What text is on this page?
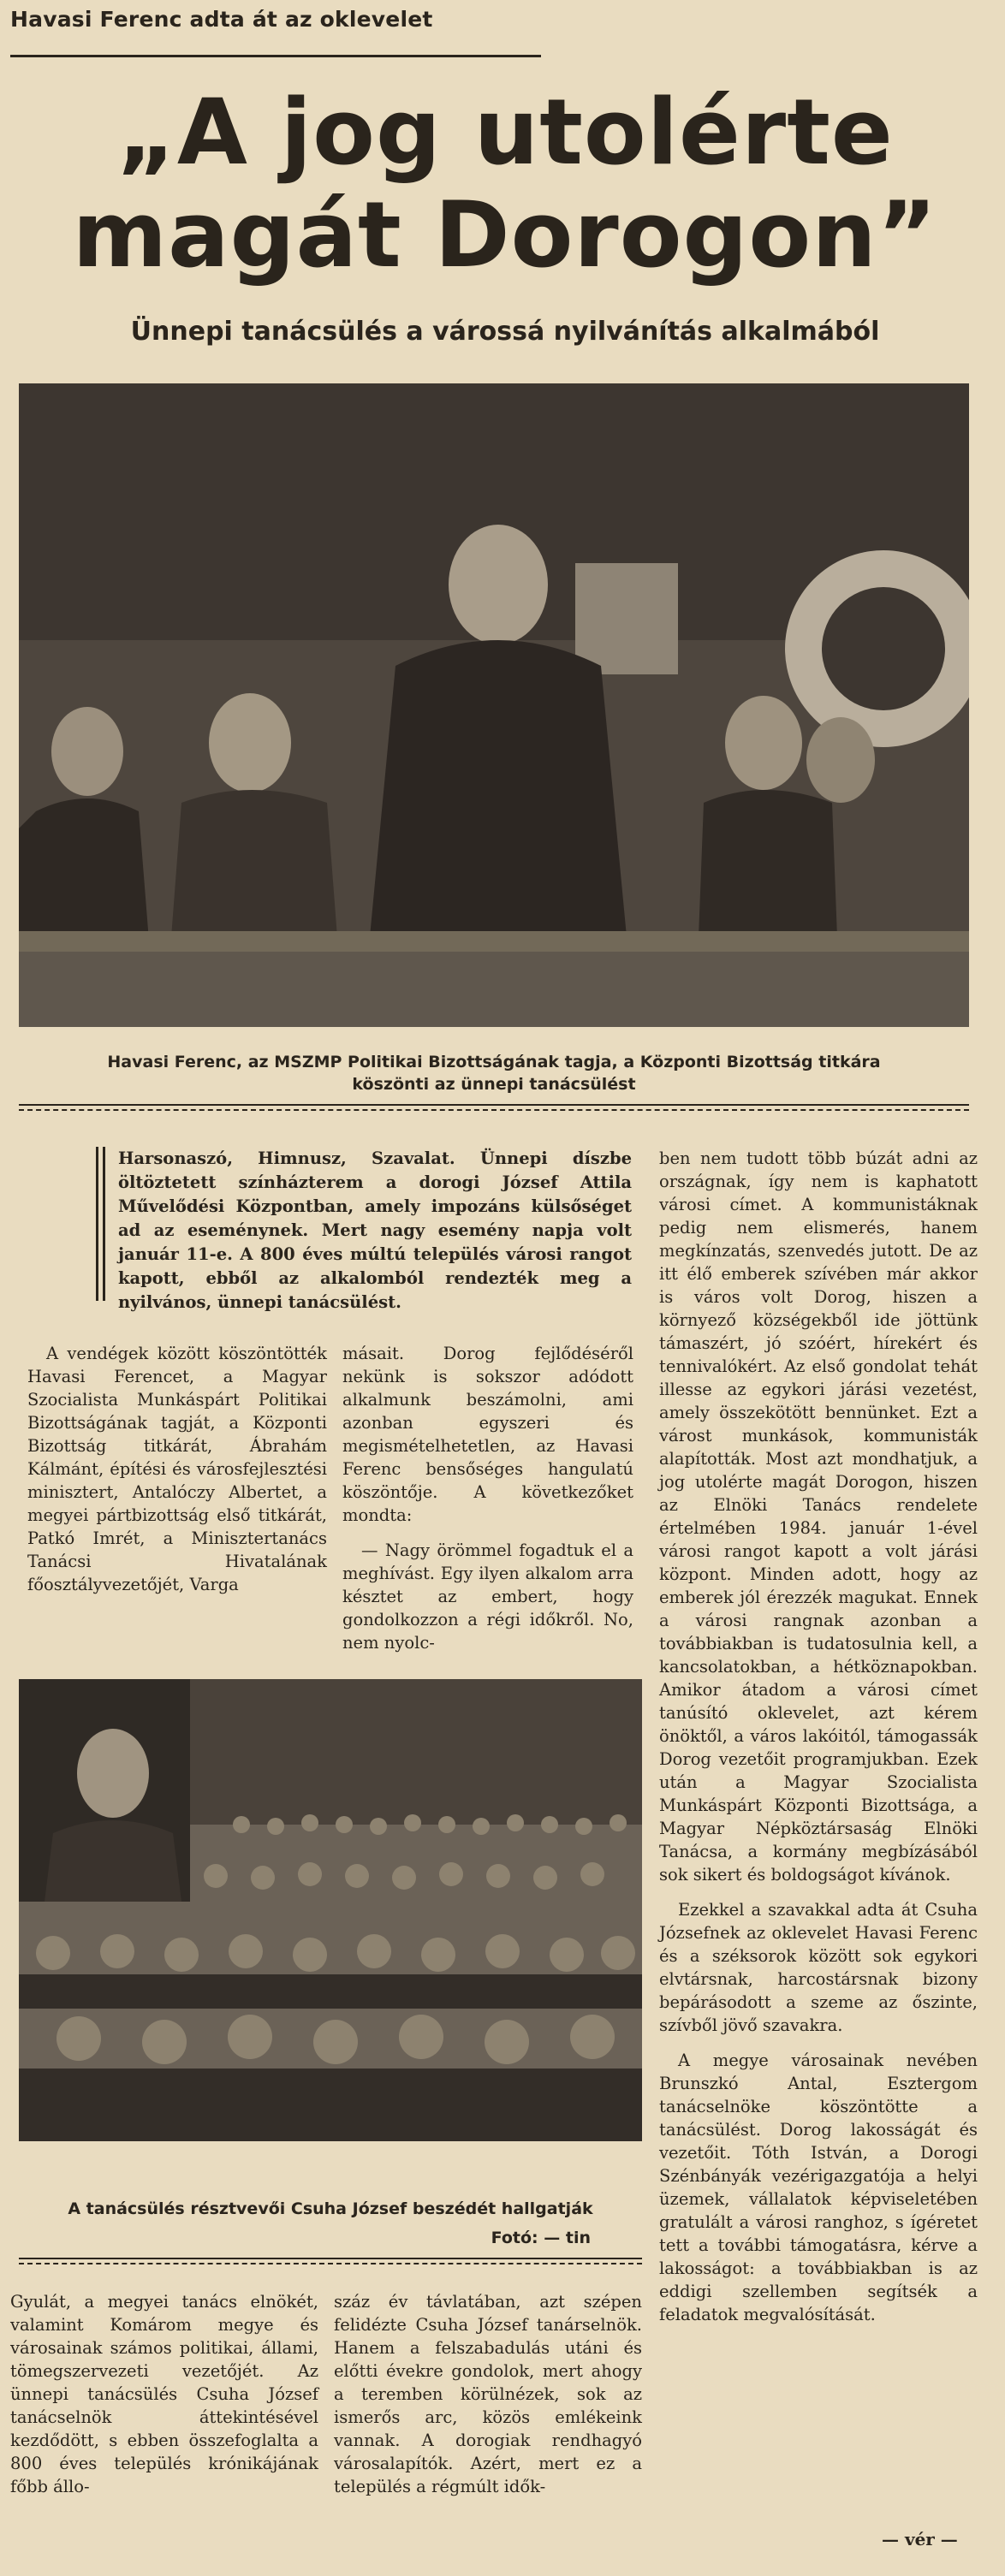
Havasi Ferenc adta át az oklevelet
„A jog utolérte
magát Dorogon”
Ünnepi tanácsülés a várossá nyilvánítás alkalmából
Havasi Ferenc, az MSZMP Politikai Bizottságának tagja, a Központi Bizottság titkára
köszönti az ünnepi tanácsülést
Harsonaszó, Himnusz, Szavalat. Ünnepi díszbe öltöztetett színházterem a dorogi József Attila Művelődési Központban, amely impozáns külsőséget ad az eseménynek. Mert nagy esemény napja volt január 11-e. A 800 éves múltú település városi rangot kapott, ebből az alkalomból rendezték meg a nyilvános, ünnepi tanácsülést.

A vendégek között köszöntötték Havasi Ferencet, a Magyar Szocialista Munkáspárt Politikai Bizottságának tagját, a Központi Bizottság titkárát, Ábrahám Kálmánt, építési és városfejlesztési minisztert, Antalóczy Albertet, a megyei pártbizottság első titkárát, Patkó Imrét, a Minisztertanács Tanácsi Hivatalának főosztályvezetőjét, Varga

másait. Dorog fejlődéséről nekünk is sokszor adódott alkalmunk beszámolni, ami azonban egyszeri és megismételhetetlen, az Havasi Ferenc bensőséges hangulatú köszöntője. A következőket mondta:

— Nagy örömmel fogadtuk el a meghívást. Egy ilyen alkalom arra késztet az embert, hogy gondolkozzon a régi időkről. No, nem nyolc-

ben nem tudott több búzát adni az országnak, így nem is kaphatott városi címet. A kommunistáknak pedig nem elismerés, hanem megkínzatás, szenvedés jutott. De az itt élő emberek szívében már akkor is város volt Dorog, hiszen a környező községekből ide jöttünk támaszért, jó szóért, hírekért és tennivalókért. Az első gondolat tehát illesse az egykori járási vezetést, amely összekötött bennünket. Ezt a várost munkások, kommunisták alapították. Most azt mondhatjuk, a jog utolérte magát Dorogon, hiszen az Elnöki Tanács rendelete értelmében 1984. január 1-ével városi rangot kapott a volt járási központ. Minden adott, hogy az emberek jól érezzék magukat. Ennek a városi rangnak azonban a továbbiakban is tudatosulnia kell, a kancsolatokban, a hétköznapokban. Amikor átadom a városi címet tanúsító oklevelet, azt kérem önöktől, a város lakóitól, támogassák Dorog vezetőit programjukban. Ezek után a Magyar Szocialista Munkáspárt Központi Bizottsága, a Magyar Népköztársaság Elnöki Tanácsa, a kormány megbízásából sok sikert és boldogságot kívánok.

Ezekkel a szavakkal adta át Csuha Józsefnek az oklevelet Havasi Ferenc és a széksorok között sok egykori elvtársnak, harcostársnak bizony bepárásodott a szeme az őszinte, szívből jövő szavakra.

A megye városainak nevében Brunszkó Antal, Esztergom tanácselnöke köszöntötte a tanácsülést. Dorog lakosságát és vezetőit. Tóth István, a Dorogi Szénbányák vezérigazgatója a helyi üzemek, vállalatok képviseletében gratulált a városi ranghoz, s ígéretet tett a további támogatásra, kérve a lakosságot: a továbbiakban is az eddigi szellemben segítsék a feladatok megvalósítását.

— vér —
A tanácsülés résztvevői Csuha József beszédét hallgatják
Fotó: — tin

Gyulát, a megyei tanács elnökét, valamint Komárom megye és városainak számos politikai, állami, tömegszervezeti vezetőjét. Az ünnepi tanácsülés Csuha József tanácselnök áttekintésével kezdődött, s ebben összefoglalta a 800 éves település krónikájának főbb állo-

száz év távlatában, azt szépen felidézte Csuha József tanárselnök. Hanem a felszabadulás utáni és előtti évekre gondolok, mert ahogy a teremben körülnézek, sok az ismerős arc, közös emlékeink vannak. A dorogiak rendhagyó városalapítók. Azért, mert ez a település a régmúlt idők-
